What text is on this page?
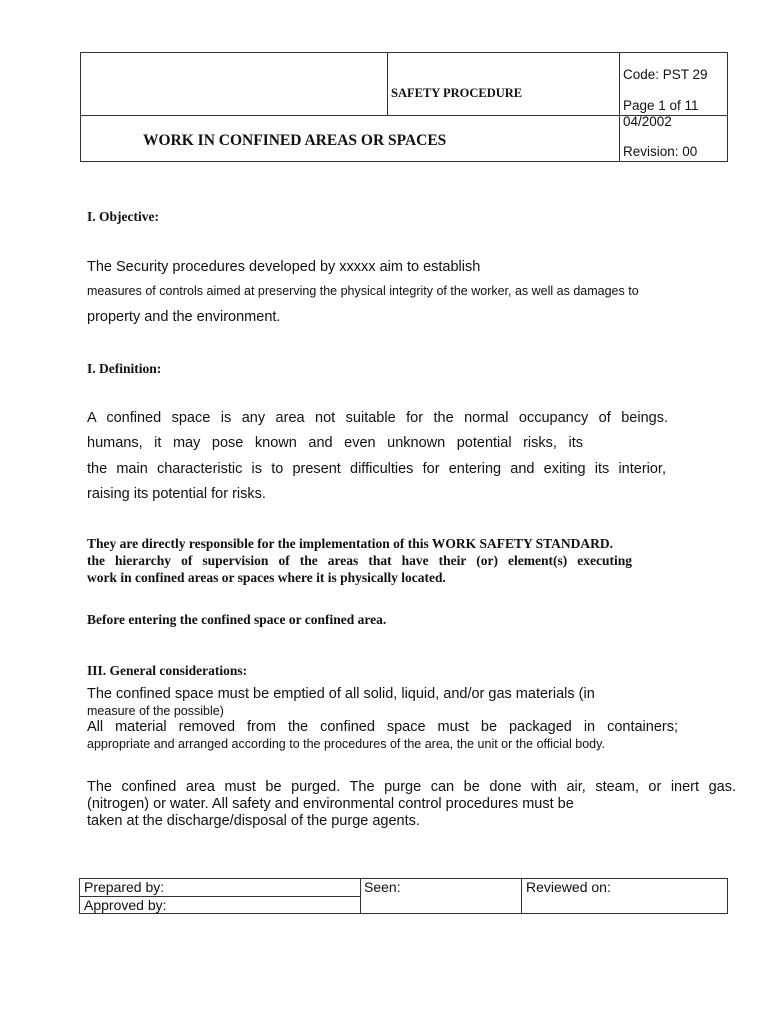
SAFETY PROCEDURE
WORK IN CONFINED AREAS OR SPACES
Code: PST 29
Page 1 of 11
04/2002
Revision: 00
I. Objective:
The Security procedures developed by xxxxx aim to establish
measures of controls aimed at preserving the physical integrity of the worker, as well as damages to
property and the environment.
I. Definition:
A confined space is any area not suitable for the normal occupancy of beings.
humans, it may pose known and even unknown potential risks, its
the main characteristic is to present difficulties for entering and exiting its interior,
raising its potential for risks.
They are directly responsible for the implementation of this WORK SAFETY STANDARD.
the hierarchy of supervision of the areas that have their (or) element(s) executing
work in confined areas or spaces where it is physically located.
Before entering the confined space or confined area.
III. General considerations:
The confined space must be emptied of all solid, liquid, and/or gas materials (in
measure of the possible)
All material removed from the confined space must be packaged in containers;
appropriate and arranged according to the procedures of the area, the unit or the official body.
The confined area must be purged. The purge can be done with air, steam, or inert gas.
(nitrogen) or water. All safety and environmental control procedures must be
taken at the discharge/disposal of the purge agents.
Prepared by:
Approved by:
Seen:	Reviewed on:
